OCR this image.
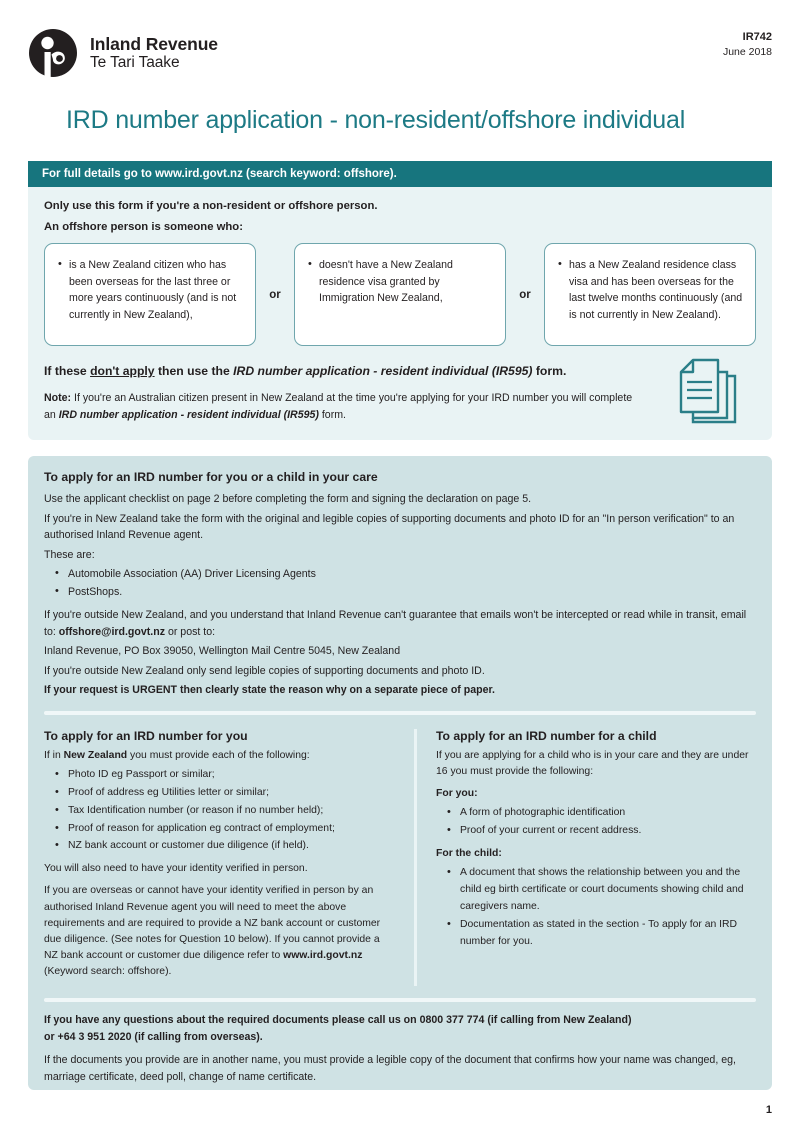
Inland Revenue
Te Tari Taake
IR742
June 2018
IRD number application - non-resident/offshore individual
For full details go to www.ird.govt.nz (search keyword: offshore).
Only use this form if you're a non-resident or offshore person.
An offshore person is someone who:
• is a New Zealand citizen who has been overseas for the last three or more years continuously (and is not currently in New Zealand),
or
• doesn't have a New Zealand residence visa granted by Immigration New Zealand,	or
• has a New Zealand residence class visa and has been overseas for the last twelve months continuously (and is not currently in New Zealand).
If these don't apply then use the IRD number application - resident individual (IR595) form.
Note: If you're an Australian citizen present in New Zealand at the time you're applying for your IRD number you will complete an IRD number application - resident individual (IR595) form.
To apply for an IRD number for you or a child in your care
Use the applicant checklist on page 2 before completing the form and signing the declaration on page 5.
If you're in New Zealand take the form with the original and legible copies of supporting documents and photo ID for an "In person verification" to an authorised Inland Revenue agent.
These are:
• Automobile Association (AA) Driver Licensing Agents
• PostShops.
If you're outside New Zealand, and you understand that Inland Revenue can't guarantee that emails won't be intercepted or read while in transit, email to: offshore@ird.govt.nz or post to:
Inland Revenue, PO Box 39050, Wellington Mail Centre 5045, New Zealand
If you're outside New Zealand only send legible copies of supporting documents and photo ID.
If your request is URGENT then clearly state the reason why on a separate piece of paper.
To apply for an IRD number for you
If in New Zealand you must provide each of the following:
• Photo ID eg Passport or similar;
• Proof of address eg Utilities letter or similar;
• Tax Identification number (or reason if no number held);
• Proof of reason for application eg contract of employment;
• NZ bank account or customer due diligence (if held).
You will also need to have your identity verified in person.
If you are overseas or cannot have your identity verified in person by an authorised Inland Revenue agent you will need to meet the above requirements and are required to provide a NZ bank account or customer due diligence. (See notes for Question 10 below). If you cannot provide a NZ bank account or customer due diligence refer to www.ird.govt.nz (Keyword search: offshore).
To apply for an IRD number for a child
If you are applying for a child who is in your care and they are under 16 you must provide the following:
For you:
• A form of photographic identification
• Proof of your current or recent address.
For the child:
• A document that shows the relationship between you and the child eg birth certificate or court documents showing child and caregivers name.
• Documentation as stated in the section - To apply for an IRD number for you.
If you have any questions about the required documents please call us on 0800 377 774 (if calling from New Zealand)
or +64 3 951 2020 (if calling from overseas).
If the documents you provide are in another name, you must provide a legible copy of the document that confirms how your name was changed, eg, marriage certificate, deed poll, change of name certificate.
1
